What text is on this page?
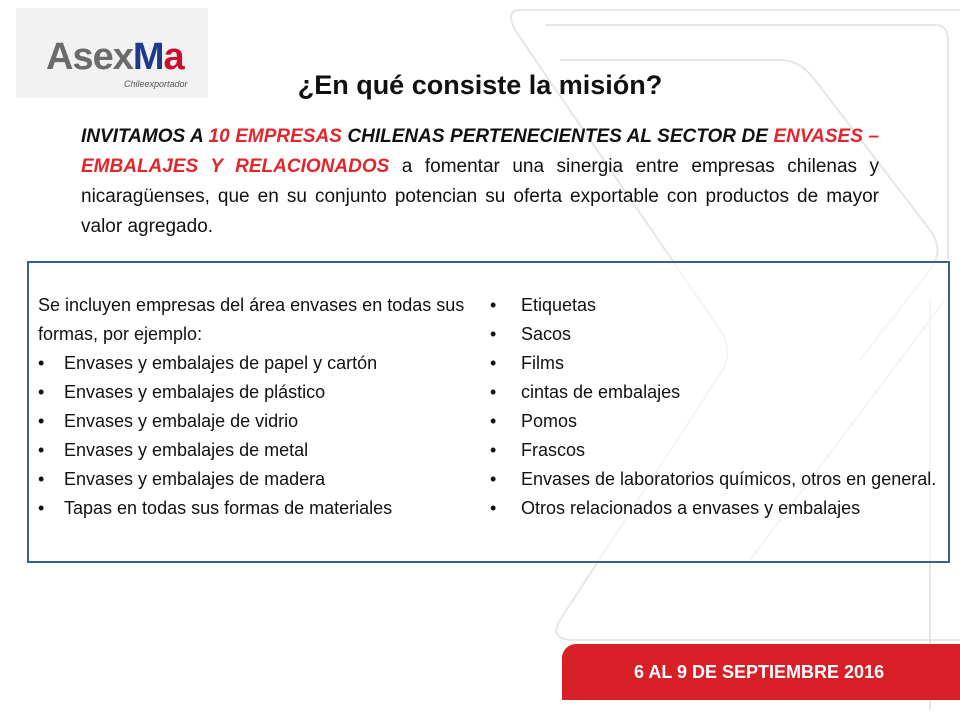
AsexMa
Chileexportador	¿En qué consiste la misión?
INVITAMOS A 10 EMPRESAS CHILENAS PERTENECIENTES AL SECTOR DE ENVASES – EMBALAJES Y RELACIONADOS a fomentar una sinergia entre empresas chilenas y nicaragüenses, que en su conjunto potencian su oferta exportable con productos de mayor valor agregado.
Se incluyen empresas del área envases en todas sus formas, por ejemplo:
• Envases y embalajes de papel y cartón
• Envases y embalajes de plástico
• Envases y embalaje de vidrio
• Envases y embalajes de metal
• Envases y embalajes de madera
• Tapas en todas sus formas de materiales
• Etiquetas
• Sacos
• Films
• cintas de embalajes
• Pomos
• Frascos
• Envases de laboratorios químicos, otros en general.
• Otros relacionados a envases y embalajes
6 AL 9 DE SEPTIEMBRE 2016
